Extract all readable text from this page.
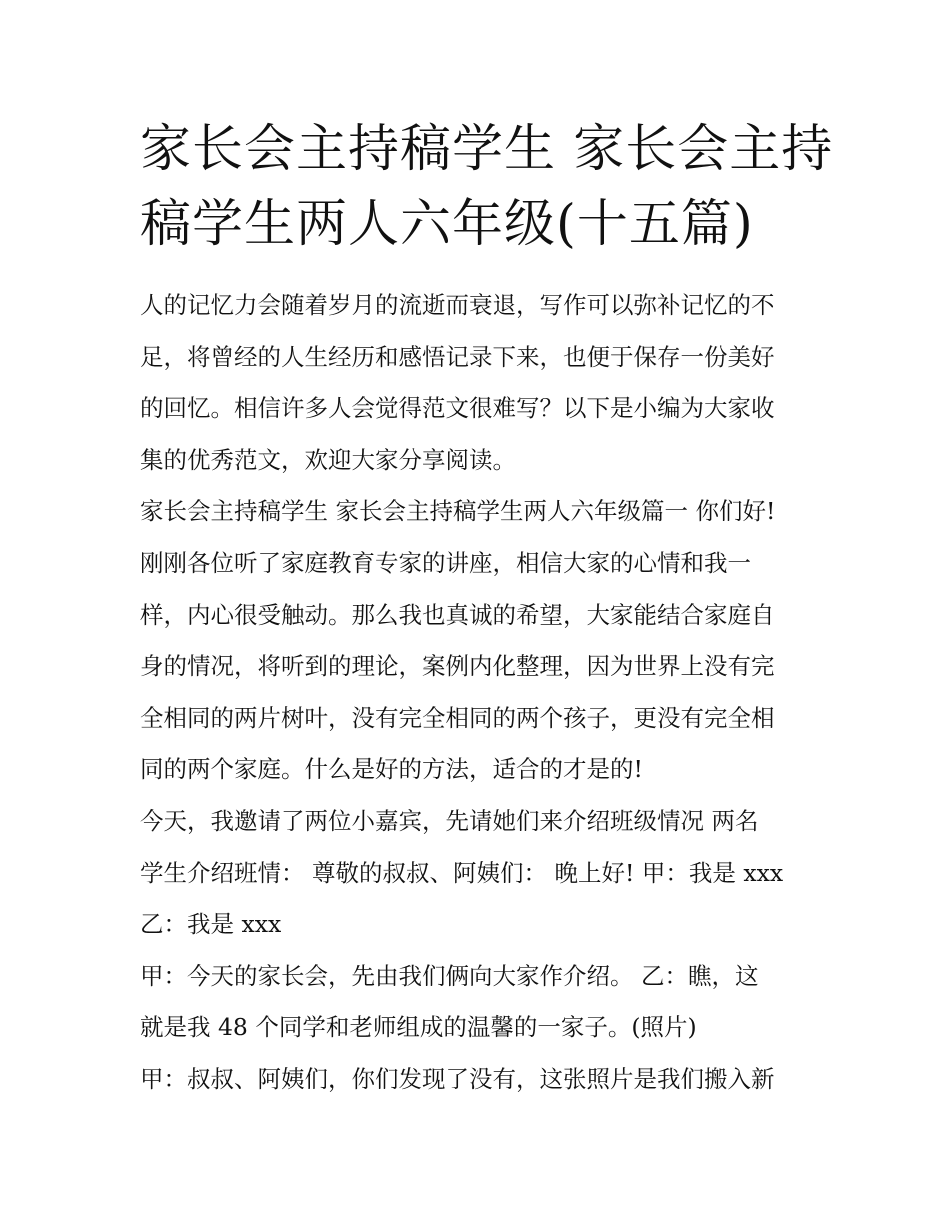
家长会主持稿学生 家长会主持
稿学生两人六年级(十五篇)
人的记忆力会随着岁月的流逝而衰退，写作可以弥补记忆的不
足，将曾经的人生经历和感悟记录下来，也便于保存一份美好
的回忆。相信许多人会觉得范文很难写？以下是小编为大家收
集的优秀范文，欢迎大家分享阅读。
家长会主持稿学生 家长会主持稿学生两人六年级篇一 你们好!
刚刚各位听了家庭教育专家的讲座，相信大家的心情和我一
样，内心很受触动。那么我也真诚的希望，大家能结合家庭自
身的情况，将听到的理论，案例内化整理，因为世界上没有完
全相同的两片树叶，没有完全相同的两个孩子，更没有完全相
同的两个家庭。什么是好的方法，适合的才是的!
今天，我邀请了两位小嘉宾，先请她们来介绍班级情况 两名
学生介绍班情： 尊敬的叔叔、阿姨们： 晚上好! 甲：我是 xxx
乙：我是 xxx
甲：今天的家长会，先由我们俩向大家作介绍。 乙：瞧，这
就是我 48 个同学和老师组成的温馨的一家子。(照片)
甲：叔叔、阿姨们，你们发现了没有，这张照片是我们搬入新
